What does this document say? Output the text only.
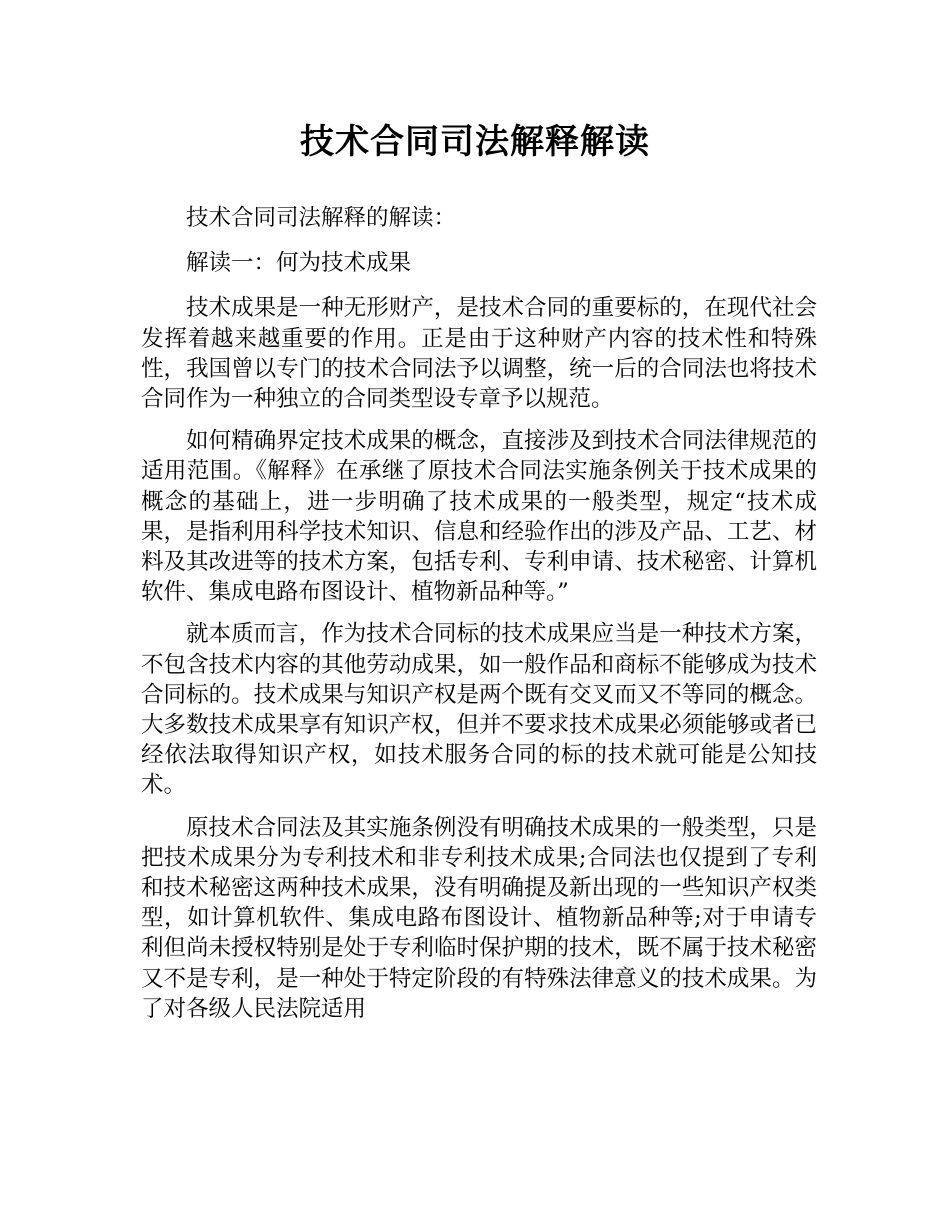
技术合同司法解释解读

技术合同司法解释的解读：

解读一：何为技术成果

技术成果是一种无形财产，是技术合同的重要标的，在现代社会发挥着越来越重要的作用。正是由于这种财产内容的技术性和特殊性，我国曾以专门的技术合同法予以调整，统一后的合同法也将技术合同作为一种独立的合同类型设专章予以规范。

如何精确界定技术成果的概念，直接涉及到技术合同法律规范的适用范围。《解释》在承继了原技术合同法实施条例关于技术成果的概念的基础上，进一步明确了技术成果的一般类型，规定“技术成果，是指利用科学技术知识、信息和经验作出的涉及产品、工艺、材料及其改进等的技术方案，包括专利、专利申请、技术秘密、计算机软件、集成电路布图设计、植物新品种等。”

就本质而言，作为技术合同标的技术成果应当是一种技术方案，不包含技术内容的其他劳动成果，如一般作品和商标不能够成为技术合同标的。技术成果与知识产权是两个既有交叉而又不等同的概念。大多数技术成果享有知识产权，但并不要求技术成果必须能够或者已经依法取得知识产权，如技术服务合同的标的技术就可能是公知技术。

原技术合同法及其实施条例没有明确技术成果的一般类型，只是把技术成果分为专利技术和非专利技术成果;合同法也仅提到了专利和技术秘密这两种技术成果，没有明确提及新出现的一些知识产权类型，如计算机软件、集成电路布图设计、植物新品种等;对于申请专利但尚未授权特别是处于专利临时保护期的技术，既不属于技术秘密又不是专利，是一种处于特定阶段的有特殊法律意义的技术成果。为了对各级人民法院适用
